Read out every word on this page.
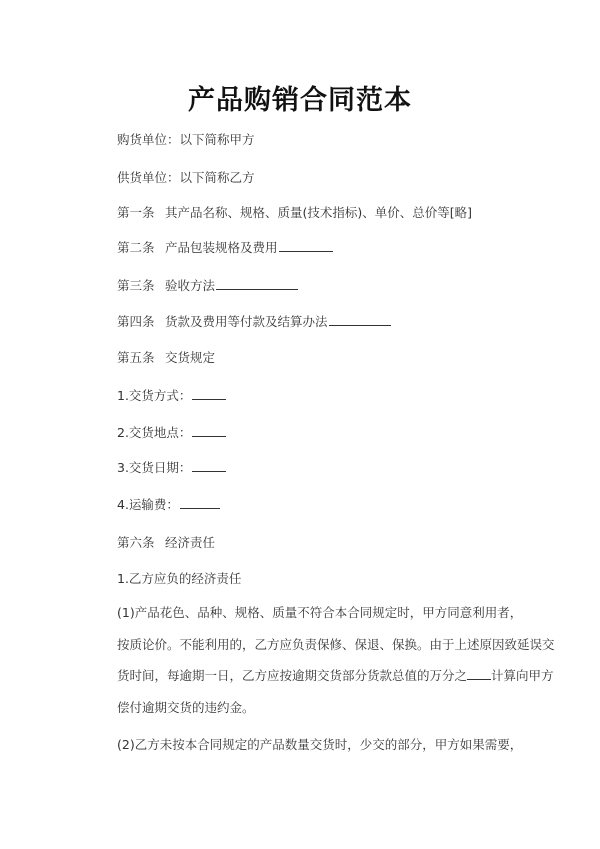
产品购销合同范本
购货单位：以下简称甲方
供货单位：以下简称乙方
第一条 其产品名称、规格、质量(技术指标)、单价、总价等[略]
第二条 产品包装规格及费用
第三条 验收方法
第四条 货款及费用等付款及结算办法
第五条 交货规定
1.交货方式：
2.交货地点：
3.交货日期：
4.运输费：
第六条 经济责任
1.乙方应负的经济责任
(1)产品花色、品种、规格、质量不符合本合同规定时，甲方同意利用者，
按质论价。不能利用的，乙方应负责保修、保退、保换。由于上述原因致延误交
货时间，每逾期一日，乙方应按逾期交货部分货款总值的万分之 计算向甲方
偿付逾期交货的违约金。
(2)乙方未按本合同规定的产品数量交货时，少交的部分，甲方如果需要，
